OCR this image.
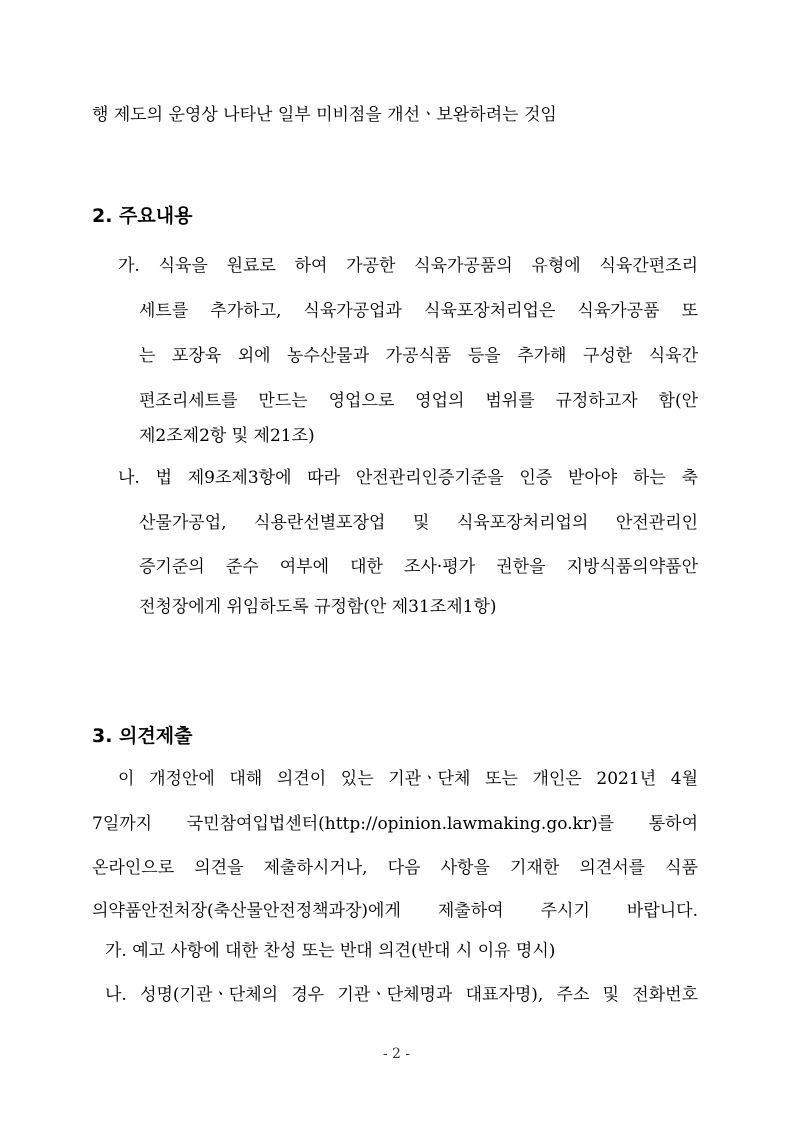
행 제도의 운영상 나타난 일부 미비점을 개선ㆍ보완하려는 것임
2. 주요내용
가. 식육을 원료로 하여 가공한 식육가공품의 유형에 식육간편조리
세트를 추가하고, 식육가공업과 식육포장처리업은 식육가공품 또
는 포장육 외에 농수산물과 가공식품 등을 추가해 구성한 식육간
편조리세트를 만드는 영업으로 영업의 범위를 규정하고자 함(안
제2조제2항 및 제21조)
나. 법 제9조제3항에 따라 안전관리인증기준을 인증 받아야 하는 축
산물가공업, 식용란선별포장업 및 식육포장처리업의 안전관리인
증기준의 준수 여부에 대한 조사·평가 권한을 지방식품의약품안
전청장에게 위임하도록 규정함(안 제31조제1항)
3. 의견제출
이 개정안에 대해 의견이 있는 기관ㆍ단체 또는 개인은 2021년 4월
7일까지 국민참여입법센터(http://opinion.lawmaking.go.kr)를 통하여
온라인으로 의견을 제출하시거나, 다음 사항을 기재한 의견서를 식품
의약품안전처장(축산물안전정책과장)에게 제출하여 주시기 바랍니다.
가. 예고 사항에 대한 찬성 또는 반대 의견(반대 시 이유 명시)
나. 성명(기관ㆍ단체의 경우 기관ㆍ단체명과 대표자명), 주소 및 전화번호
- 2 -
